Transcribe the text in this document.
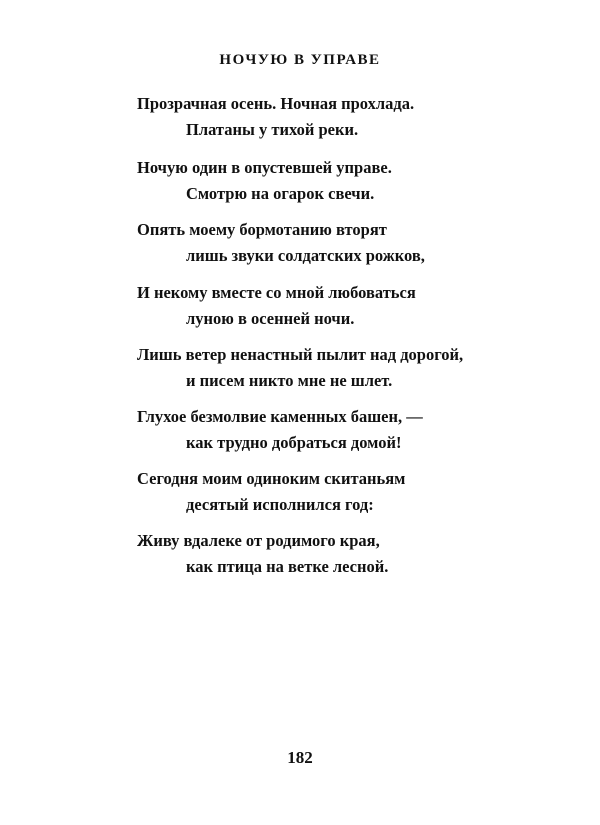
НОЧУЮ В УПРАВЕ
Прозрачная осень. Ночная прохлада.
Платаны у тихой реки.
Ночую один в опустевшей управе.
Смотрю на огарок свечи.
Опять моему бормотанию вторят
лишь звуки солдатских рожков,
И некому вместе со мной любоваться
луною в осенней ночи.
Лишь ветер ненастный пылит над дорогой,
и писем никто мне не шлет.
Глухое безмолвие каменных башен, —
как трудно добраться домой!
Сегодня моим одиноким скитаньям
десятый исполнился год:
Живу вдалеке от родимого края,
как птица на ветке лесной.
182
